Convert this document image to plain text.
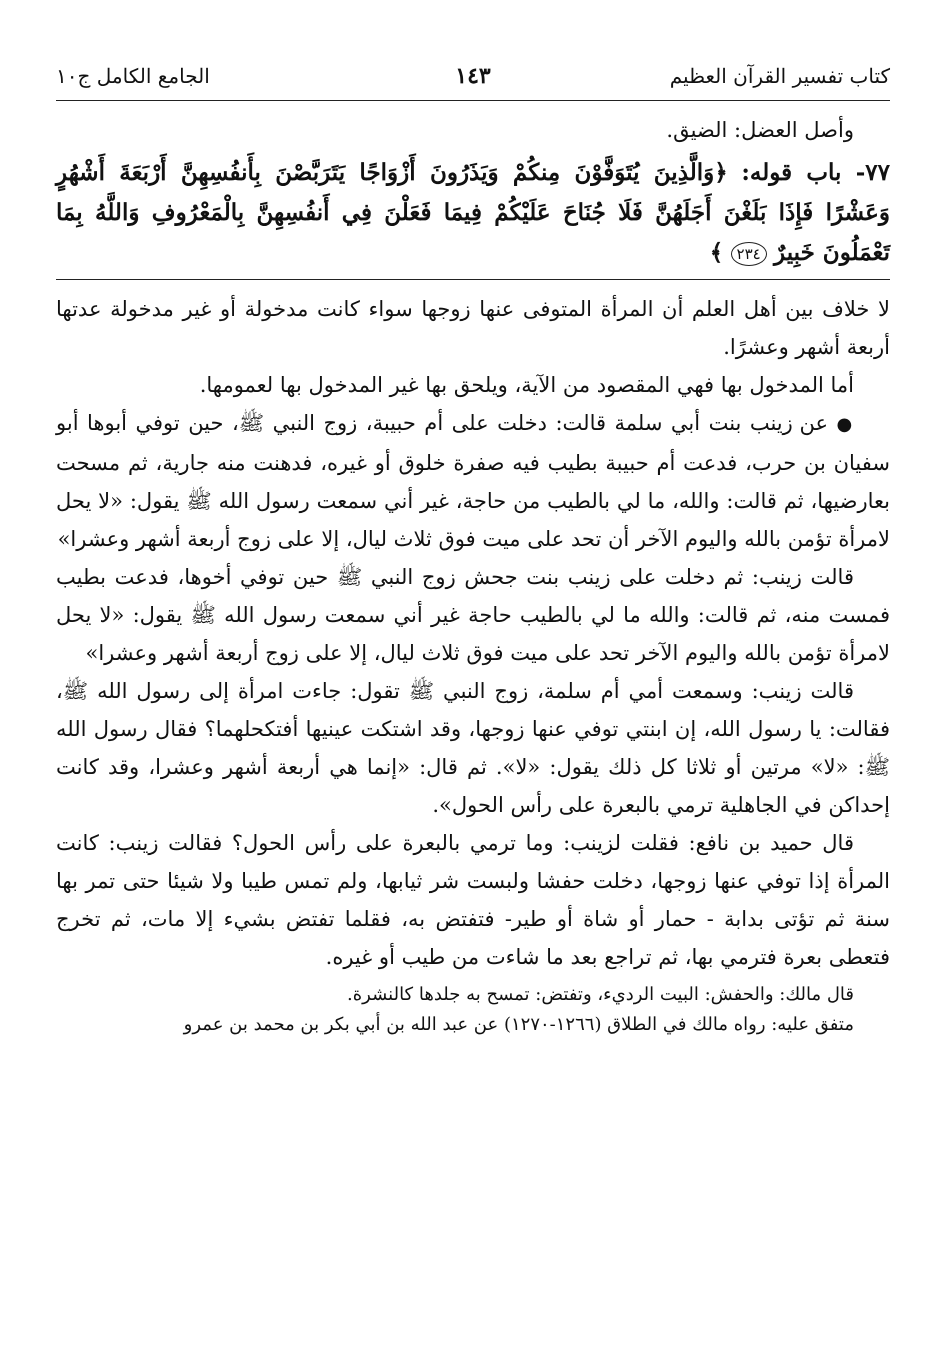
كتاب تفسير القرآن العظيم
١٤٣
الجامع الكامل ج١٠

وأصل العضل: الضيق.

٧٧- باب قوله: ﴿وَالَّذِينَ يُتَوَفَّوْنَ مِنكُمْ وَيَذَرُونَ أَزْوَاجًا يَتَرَبَّصْنَ بِأَنفُسِهِنَّ أَرْبَعَةَ أَشْهُرٍ وَعَشْرًا فَإِذَا بَلَغْنَ أَجَلَهُنَّ فَلَا جُنَاحَ عَلَيْكُمْ فِيمَا فَعَلْنَ فِي أَنفُسِهِنَّ بِالْمَعْرُوفِ وَاللَّهُ بِمَا تَعْمَلُونَ خَبِيرٌ ٢٣٤ ﴾

لا خلاف بين أهل العلم أن المرأة المتوفى عنها زوجها سواء كانت مدخولة أو غير مدخولة عدتها أربعة أشهر وعشرًا.

أما المدخول بها فهي المقصود من الآية، ويلحق بها غير المدخول بها لعمومها.

● عن زينب بنت أبي سلمة قالت: دخلت على أم حبيبة، زوج النبي ﷺ، حين توفي أبوها أبو سفيان بن حرب، فدعت أم حبيبة بطيب فيه صفرة خلوق أو غيره، فدهنت منه جارية، ثم مسحت بعارضيها، ثم قالت: والله، ما لي بالطيب من حاجة، غير أني سمعت رسول الله ﷺ يقول: «لا يحل لامرأة تؤمن بالله واليوم الآخر أن تحد على ميت فوق ثلاث ليال، إلا على زوج أربعة أشهر وعشرا»

قالت زينب: ثم دخلت على زينب بنت جحش زوج النبي ﷺ حين توفي أخوها، فدعت بطيب فمست منه، ثم قالت: والله ما لي بالطيب حاجة غير أني سمعت رسول الله ﷺ يقول: «لا يحل لامرأة تؤمن بالله واليوم الآخر تحد على ميت فوق ثلاث ليال، إلا على زوج أربعة أشهر وعشرا»

قالت زينب: وسمعت أمي أم سلمة، زوج النبي ﷺ تقول: جاءت امرأة إلى رسول الله ﷺ، فقالت: يا رسول الله، إن ابنتي توفي عنها زوجها، وقد اشتكت عينيها أفتكحلهما؟ فقال رسول الله ﷺ: «لا» مرتين أو ثلاثا كل ذلك يقول: «لا». ثم قال: «إنما هي أربعة أشهر وعشرا، وقد كانت إحداكن في الجاهلية ترمي بالبعرة على رأس الحول».

قال حميد بن نافع: فقلت لزينب: وما ترمي بالبعرة على رأس الحول؟ فقالت زينب: كانت المرأة إذا توفي عنها زوجها، دخلت حفشا ولبست شر ثيابها، ولم تمس طيبا ولا شيئا حتى تمر بها سنة ثم تؤتى بدابة - حمار أو شاة أو طير- فتفتض به، فقلما تفتض بشيء إلا مات، ثم تخرج فتعطى بعرة فترمي بها، ثم تراجع بعد ما شاءت من طيب أو غيره.

قال مالك: والحفش: البيت الرديء، وتفتض: تمسح به جلدها كالنشرة.

متفق عليه: رواه مالك في الطلاق (١٢٦٦-١٢٧٠) عن عبد الله بن أبي بكر بن محمد بن عمرو
